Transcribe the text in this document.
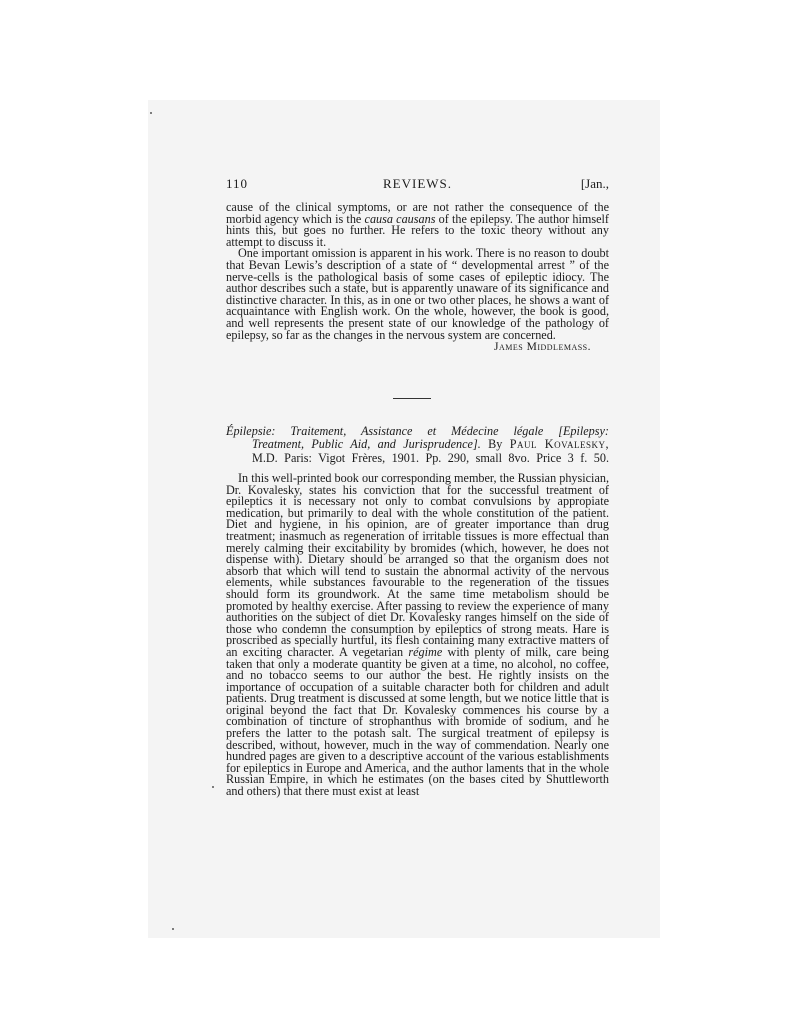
110	REVIEWS.	[Jan.,

cause of the clinical symptoms, or are not rather the consequence of the morbid agency which is the causa causans of the epilepsy. The author himself hints this, but goes no further. He refers to the toxic theory without any attempt to discuss it.

One important omission is apparent in his work. There is no reason to doubt that Bevan Lewis’s description of a state of “ developmental arrest ” of the nerve-cells is the pathological basis of some cases of epileptic idiocy. The author describes such a state, but is apparently unaware of its significance and distinctive character. In this, as in one or two other places, he shows a want of acquaintance with English work. On the whole, however, the book is good, and well represents the present state of our knowledge of the pathology of epilepsy, so far as the changes in the nervous system are concerned.

James Middlemass.

Épilepsie: Traitement, Assistance et Médecine légale [Epilepsy:

Treatment, Public Aid, and Jurisprudence]. By Paul Kovalesky,

M.D. Paris: Vigot Frères, 1901. Pp. 290, small 8vo. Price 3 f. 50.

In this well-printed book our corresponding member, the Russian physician, Dr. Kovalesky, states his conviction that for the successful treatment of epileptics it is necessary not only to combat convulsions by appropiate medication, but primarily to deal with the whole constitution of the patient. Diet and hygiene, in his opinion, are of greater importance than drug treatment; inasmuch as regeneration of irritable tissues is more effectual than merely calming their excitability by bromides (which, however, he does not dispense with). Dietary should be arranged so that the organism does not absorb that which will tend to sustain the abnormal activity of the nervous elements, while substances favourable to the regeneration of the tissues should form its groundwork. At the same time metabolism should be promoted by healthy exercise. After passing to review the experience of many authorities on the subject of diet Dr. Kovalesky ranges himself on the side of those who condemn the consumption by epileptics of strong meats. Hare is proscribed as specially hurtful, its flesh containing many extractive matters of an exciting character. A vegetarian régime with plenty of milk, care being taken that only a moderate quantity be given at a time, no alcohol, no coffee, and no tobacco seems to our author the best. He rightly insists on the importance of occupation of a suitable character both for children and adult patients. Drug treatment is discussed at some length, but we notice little that is original beyond the fact that Dr. Kovalesky commences his course by a combination of tincture of strophanthus with bromide of sodium, and he prefers the latter to the potash salt. The surgical treatment of epilepsy is described, without, however, much in the way of commendation. Nearly one hundred pages are given to a descriptive account of the various establishments for epileptics in Europe and America, and the author laments that in the whole Russian Empire, in which he estimates (on the bases cited by Shuttleworth and others) that there must exist at least
